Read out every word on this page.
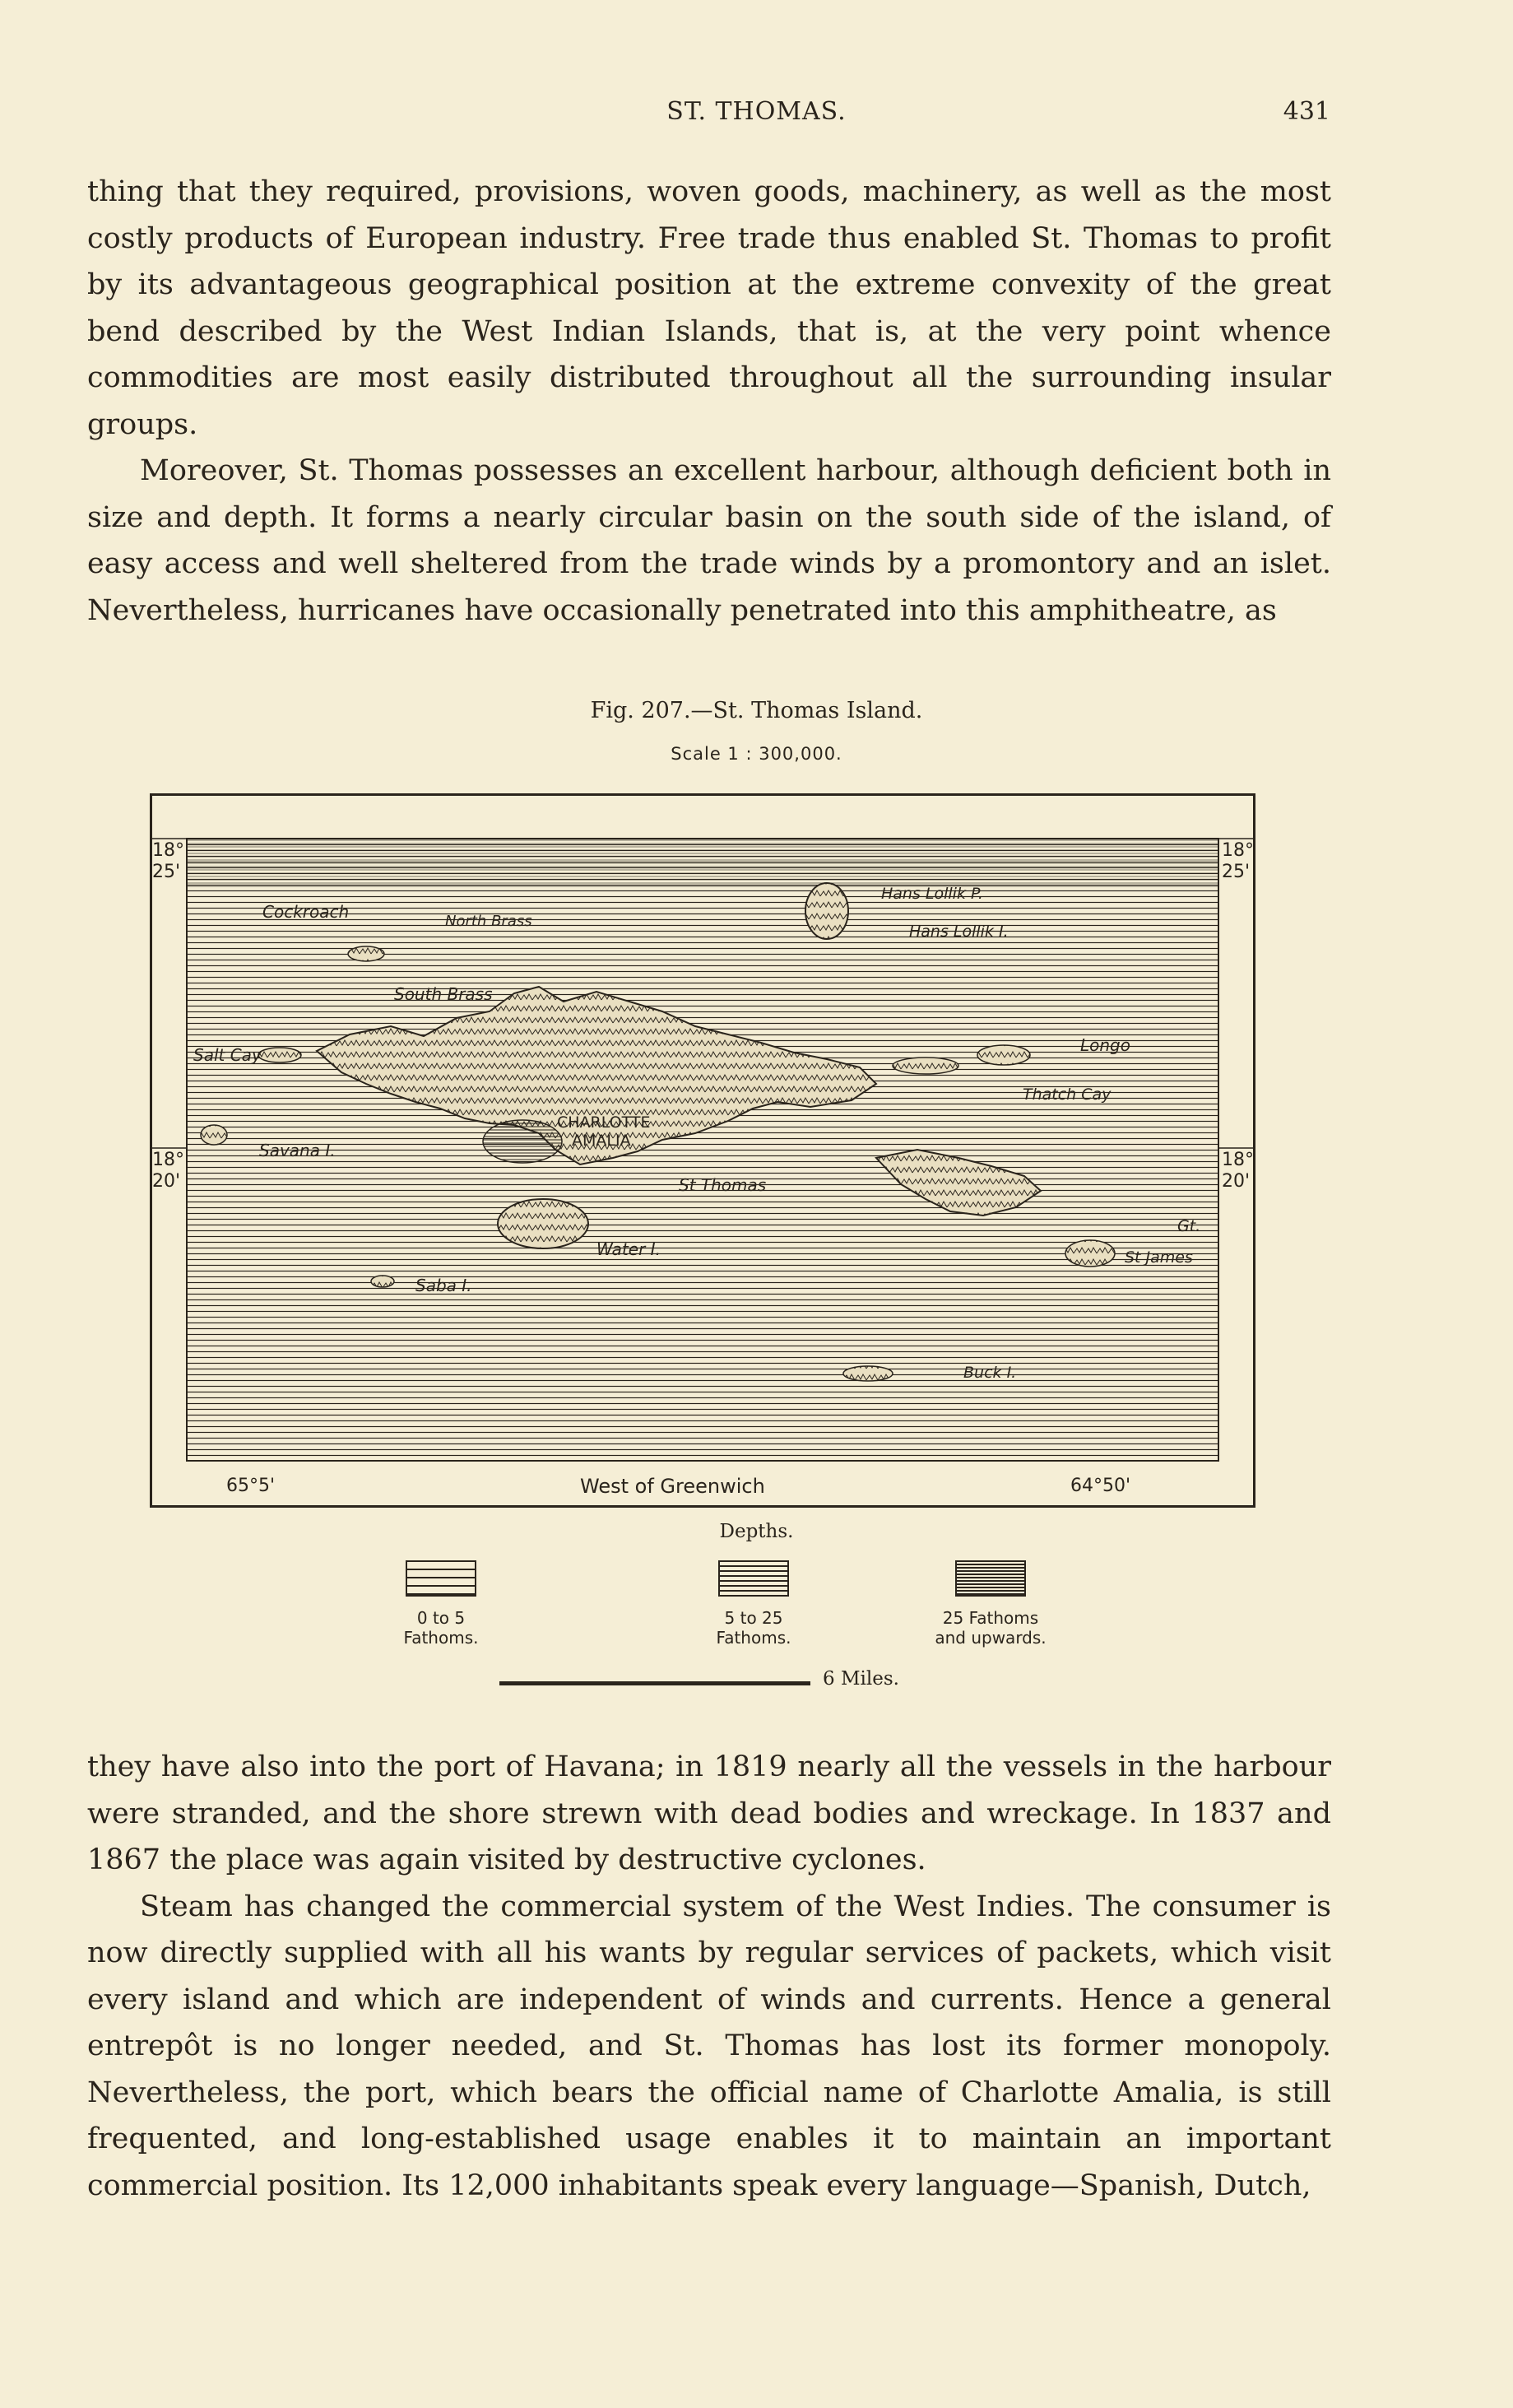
ST. THOMAS.	431

thing that they required, provisions, woven goods, machinery, as well as the most costly products of European industry. Free trade thus enabled St. Thomas to profit by its advantageous geographical position at the extreme convexity of the great bend described by the West Indian Islands, that is, at the very point whence commodities are most easily distributed throughout all the surrounding insular groups.

Moreover, St. Thomas possesses an excellent harbour, although deficient both in size and depth. It forms a nearly circular basin on the south side of the island, of easy access and well sheltered from the trade winds by a promontory and an islet. Nevertheless, hurricanes have occasionally penetrated into this amphitheatre, as

Fig. 207.—St. Thomas Island.
Scale 1 : 300,000.
Cockroach	North Brass
South Brass
Salt Cay
Savana I.
Saba I.
Water I.
CHARLOTTE
AMALIA
St Thomas
Hans Lollik P.
Hans Lollik I.
Longo
Thatch Cay
Gt.
St James
Buck I.
18° 25'
18° 25'
18° 20'
18° 20'
65°5'	West of Greenwich	64°50'
Depths.
0 to 5
Fathoms.
5 to 25
Fathoms.
25 Fathoms
and upwards.
6 Miles.

they have also into the port of Havana; in 1819 nearly all the vessels in the harbour were stranded, and the shore strewn with dead bodies and wreckage. In 1837 and 1867 the place was again visited by destructive cyclones.

Steam has changed the commercial system of the West Indies. The consumer is now directly supplied with all his wants by regular services of packets, which visit every island and which are independent of winds and currents. Hence a general entrepôt is no longer needed, and St. Thomas has lost its former monopoly. Nevertheless, the port, which bears the official name of Charlotte Amalia, is still frequented, and long-established usage enables it to maintain an important commercial position. Its 12,000 inhabitants speak every language—Spanish, Dutch,
